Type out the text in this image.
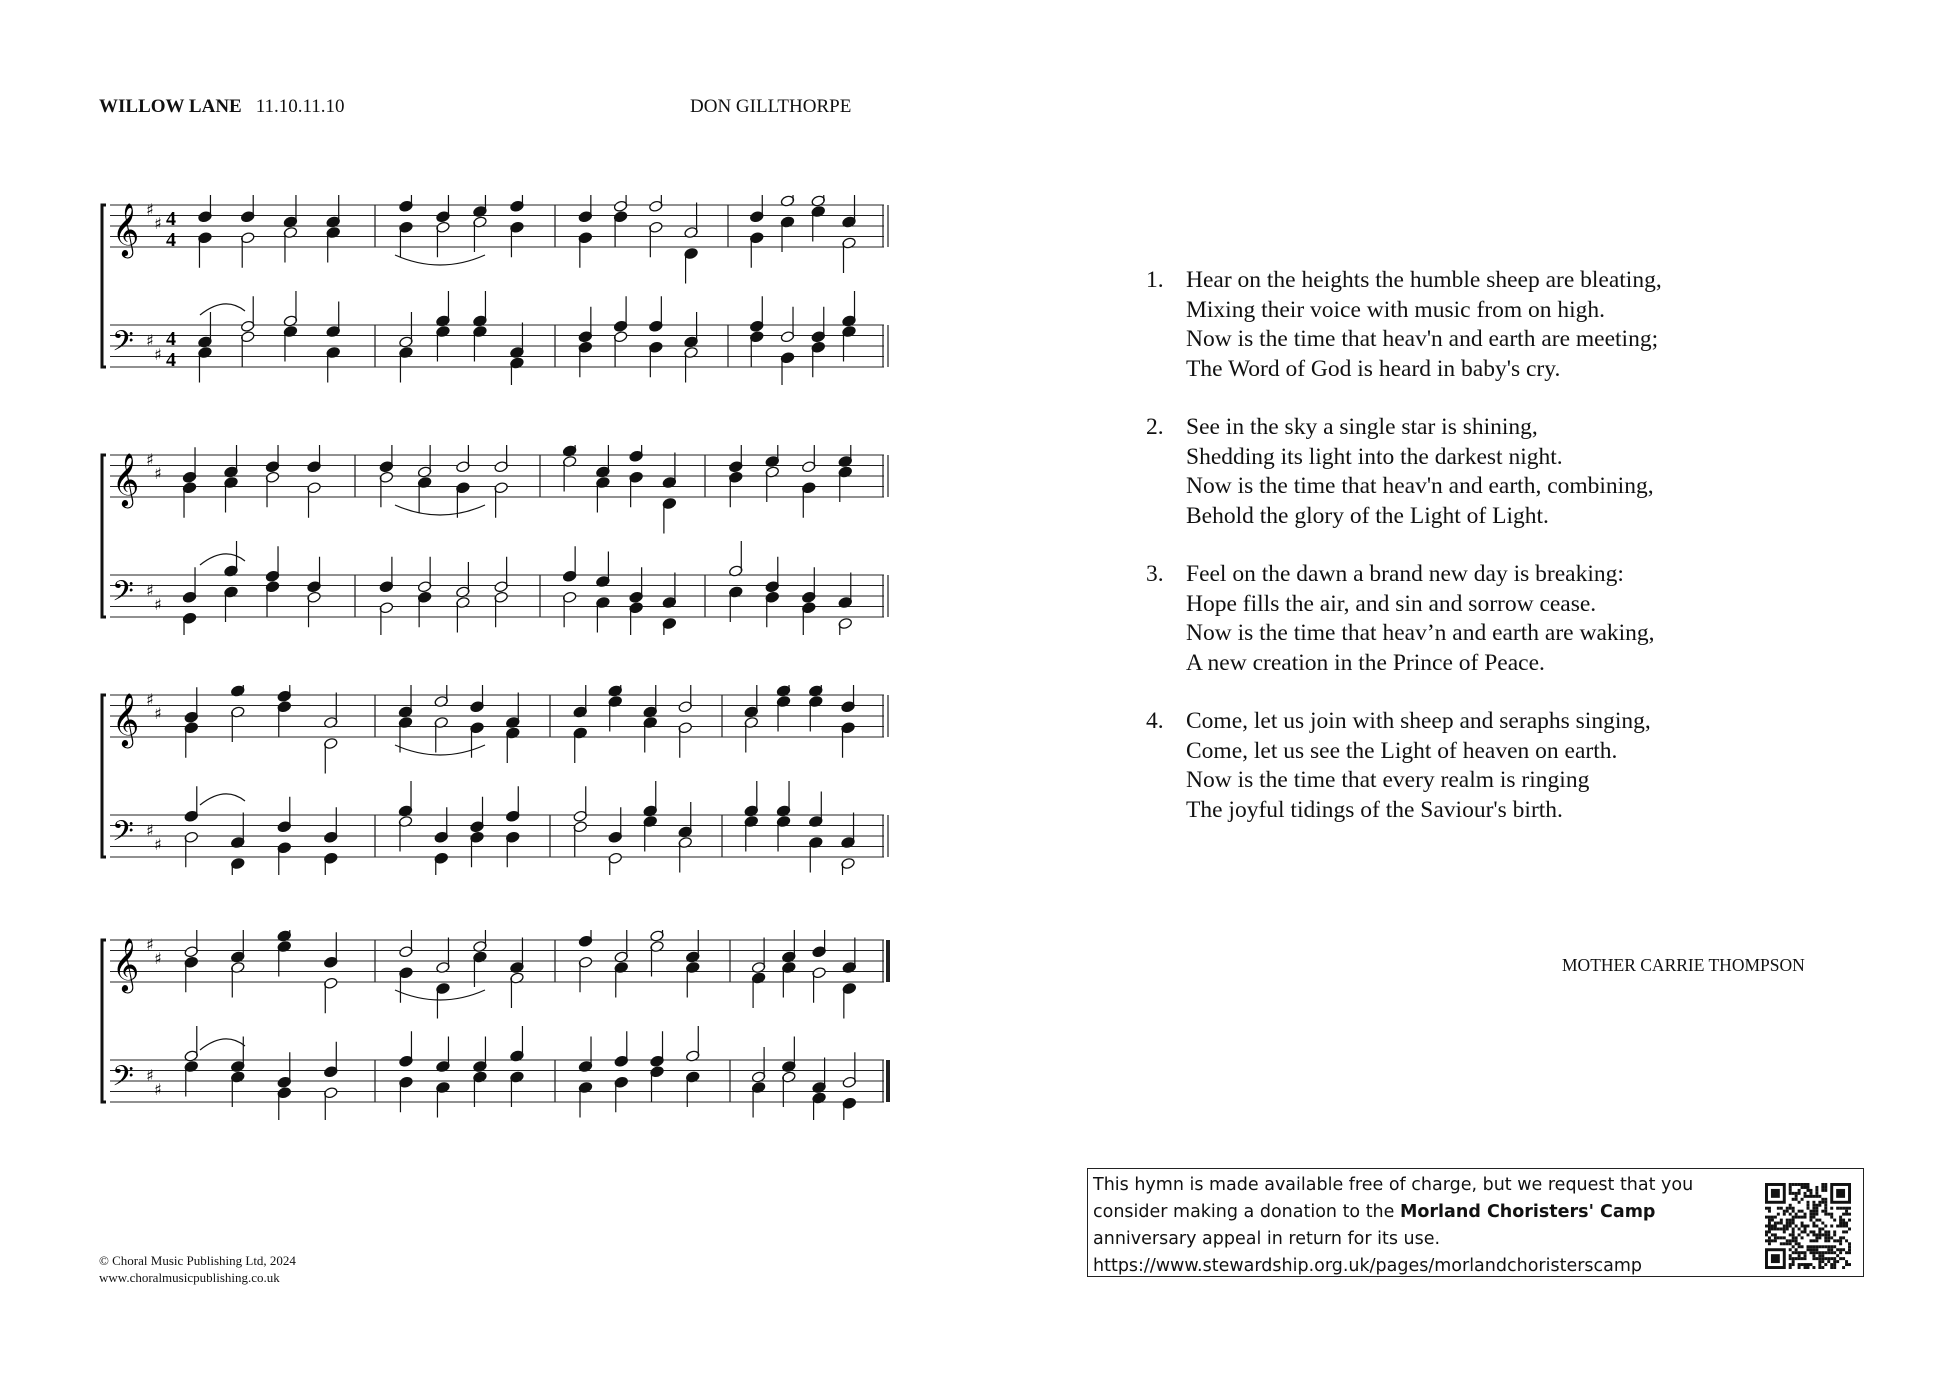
WILLOW LANE 11.10.11.10	DON GILLTHORPE
𝄞 ♯
♯ 4
4
𝄢 ♯
♯
4
4
𝄞 ♯
♯
𝄢 ♯
♯
𝄞 ♯
♯
𝄢 ♯
♯
𝄞 ♯
♯
𝄢 ♯
♯
1. Hear on the heights the humble sheep are bleating,
Mixing their voice with music from on high.
Now is the time that heav'n and earth are meeting;
The Word of God is heard in baby's cry.
2. See in the sky a single star is shining,
Shedding its light into the darkest night.
Now is the time that heav'n and earth, combining,
Behold the glory of the Light of Light.
3. Feel on the dawn a brand new day is breaking:
Hope fills the air, and sin and sorrow cease.
Now is the time that heav’n and earth are waking,
A new creation in the Prince of Peace.
4. Come, let us join with sheep and seraphs singing,
Come, let us see the Light of heaven on earth.
Now is the time that every realm is ringing
The joyful tidings of the Saviour's birth.
MOTHER CARRIE THOMPSON
© Choral Music Publishing Ltd, 2024
www.choralmusicpublishing.co.uk

This hymn is made available free of charge, but we request that you consider making a donation to the Morland Choristers' Camp anniversary appeal in return for its use.
https://www.stewardship.org.uk/pages/morlandchoristerscamp
